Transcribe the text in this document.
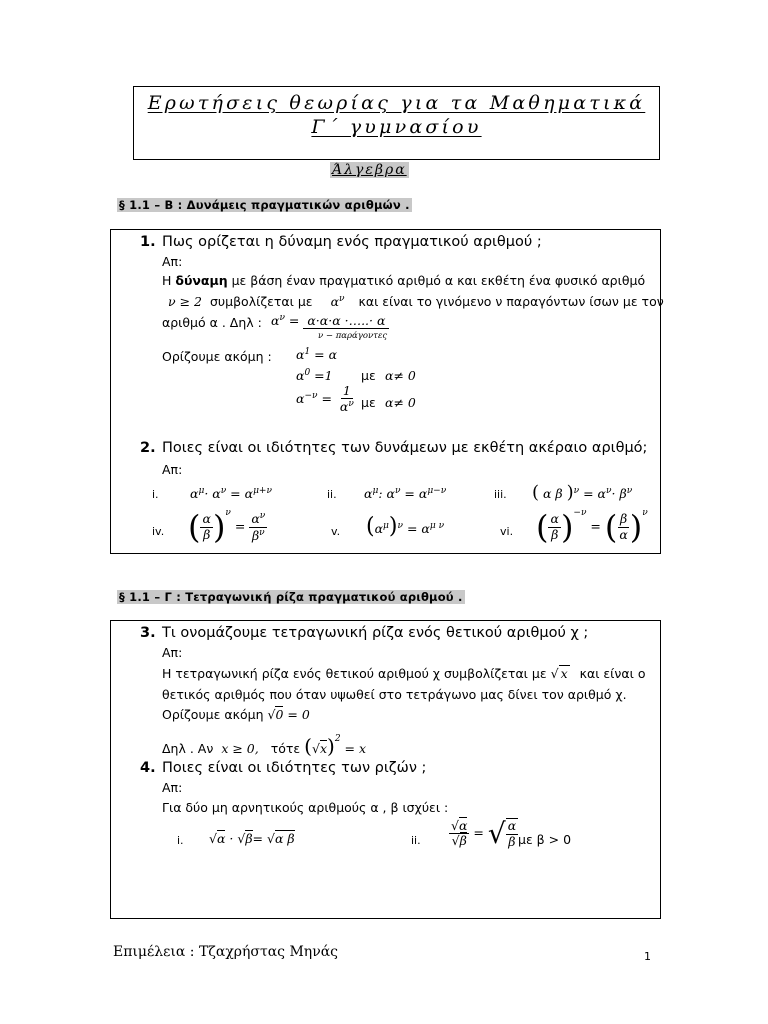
Ερωτήσεις θεωρίας για τα Μαθηματικά
Γ΄ γυμνασίου
Άλγεβρα
§ 1.1 – Β : Δυνάμεις πραγματικών αριθμών .
1. Πως ορίζεται η δύναμη ενός πραγματικού αριθμού ;
Απ:
Η δύναμη με βάση έναν πραγματικό αριθμό α και εκθέτη ένα φυσικό αριθμό
ν ≥ 2 συμβολίζεται με $\alpha^\nu$ και είναι το γινόμενο ν παραγόντων ίσων με τον
αριθμό α . Δηλ : $\alpha^\nu = \alpha\cdot\alpha\cdot\alpha$ ·…..· α
ν − παράγοντες
Ορίζουμε ακόμη : $\alpha^1 = \alpha$
$\alpha^0 =1$ με α≠ 0
$\alpha^{-\nu} = \frac{1}{\alpha^\nu}$ με α≠ 0
2. Ποιες είναι οι ιδιότητες των δυνάμεων με εκθέτη ακέραιο αριθμό;
Απ:
i.	$\alpha^\mu\cdot \alpha^\nu = \alpha^{\mu+\nu}$	ii. $\alpha^\mu$: $\alpha^\nu = \alpha^{\mu-\nu}$	iii. ( α β )$^\nu = \alpha^\nu\cdot \beta^\nu$
iv. ( $\frac{\alpha}{\beta} )^\nu = \frac{\alpha^\nu}{\beta^\nu}$	v. $(\alpha^\mu)^\nu = \alpha^{\mu \nu}$	vi. ( $\frac{\alpha}{\beta} )^{-\nu}$ = ( $\frac{\beta}{\alpha} )^\nu$
§ 1.1 – Γ : Τετραγωνική ρίζα πραγματικού αριθμού .
3. Τι ονομάζουμε τετραγωνική ρίζα ενός θετικού αριθμού χ ;
Απ:
Η τετραγωνική ρίζα ενός θετικού αριθμού χ συμβολίζεται με √ x και είναι ο
θετικός αριθμός που όταν υψωθεί στο τετράγωνο μας δίνει τον αριθμό χ.
Ορίζουμε ακόμη √0 = 0
Δηλ . Αν x ≥ 0, τότε $(√x)^2 = x$
4. Ποιες είναι οι ιδιότητες των ριζών ;
Απ:
Για δύο μη αρνητικούς αριθμούς α , β ισχύει :
i. √α · √β= √α β	ii. $\frac{√\alpha}{√\beta}$ = √ $\frac{\alpha}{\beta}$ με β > 0
Επιμέλεια : Τζαχρήστας Μηνάς	1
